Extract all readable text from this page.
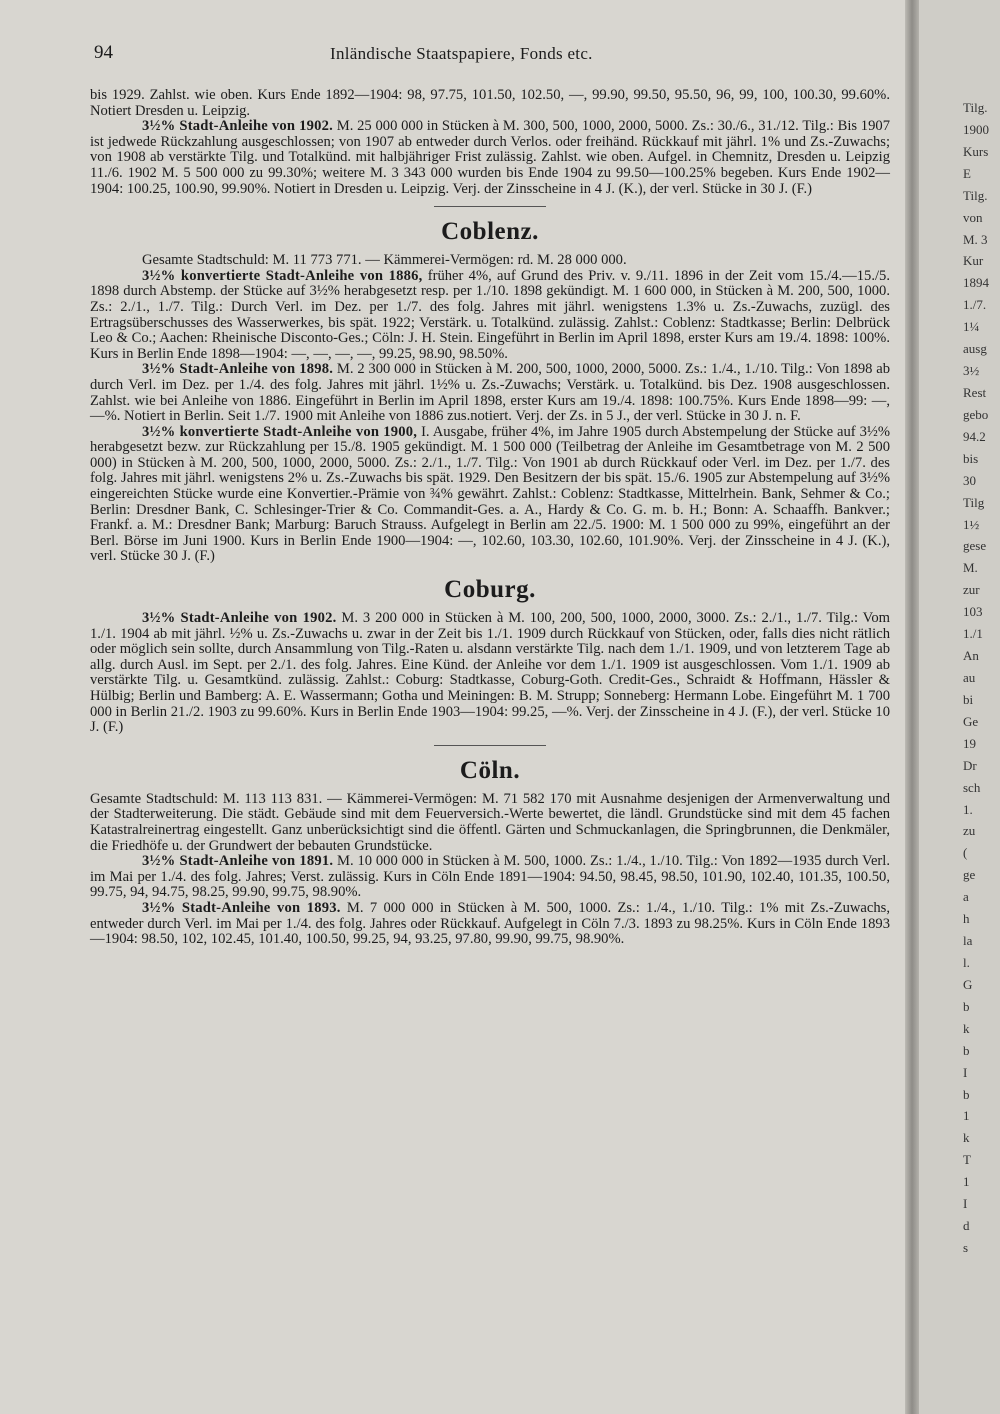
94	Inländische Staatspapiere, Fonds etc.

bis 1929. Zahlst. wie oben. Kurs Ende 1892—1904: 98, 97.75, 101.50, 102.50, —, 99.90, 99.50, 95.50, 96, 99, 100, 100.30, 99.60%. Notiert Dresden u. Leipzig.

3½% Stadt-Anleihe von 1902. M. 25 000 000 in Stücken à M. 300, 500, 1000, 2000, 5000. Zs.: 30./6., 31./12. Tilg.: Bis 1907 ist jedwede Rückzahlung ausgeschlossen; von 1907 ab entweder durch Verlos. oder freihänd. Rückkauf mit jährl. 1% und Zs.-Zuwachs; von 1908 ab verstärkte Tilg. und Totalkünd. mit halbjähriger Frist zulässig. Zahlst. wie oben. Aufgel. in Chemnitz, Dresden u. Leipzig 11./6. 1902 M. 5 500 000 zu 99.30%; weitere M. 3 343 000 wurden bis Ende 1904 zu 99.50—100.25% begeben. Kurs Ende 1902—1904: 100.25, 100.90, 99.90%. Notiert in Dresden u. Leipzig. Verj. der Zinsscheine in 4 J. (K.), der verl. Stücke in 30 J. (F.)

Coblenz.

Gesamte Stadtschuld: M. 11 773 771. — Kämmerei-Vermögen: rd. M. 28 000 000.

3½% konvertierte Stadt-Anleihe von 1886, früher 4%, auf Grund des Priv. v. 9./11. 1896 in der Zeit vom 15./4.—15./5. 1898 durch Abstemp. der Stücke auf 3½% herabgesetzt resp. per 1./10. 1898 gekündigt. M. 1 600 000, in Stücken à M. 200, 500, 1000. Zs.: 2./1., 1./7. Tilg.: Durch Verl. im Dez. per 1./7. des folg. Jahres mit jährl. wenigstens 1.3% u. Zs.-Zuwachs, zuzügl. des Ertragsüberschusses des Wasserwerkes, bis spät. 1922; Verstärk. u. Totalkünd. zulässig. Zahlst.: Coblenz: Stadtkasse; Berlin: Delbrück Leo & Co.; Aachen: Rheinische Disconto-Ges.; Cöln: J. H. Stein. Eingeführt in Berlin im April 1898, erster Kurs am 19./4. 1898: 100%. Kurs in Berlin Ende 1898—1904: —, —, —, —, 99.25, 98.90, 98.50%.

3½% Stadt-Anleihe von 1898. M. 2 300 000 in Stücken à M. 200, 500, 1000, 2000, 5000. Zs.: 1./4., 1./10. Tilg.: Von 1898 ab durch Verl. im Dez. per 1./4. des folg. Jahres mit jährl. 1½% u. Zs.-Zuwachs; Verstärk. u. Totalkünd. bis Dez. 1908 ausgeschlossen. Zahlst. wie bei Anleihe von 1886. Eingeführt in Berlin im April 1898, erster Kurs am 19./4. 1898: 100.75%. Kurs Ende 1898—99: —, —%. Notiert in Berlin. Seit 1./7. 1900 mit Anleihe von 1886 zus.notiert. Verj. der Zs. in 5 J., der verl. Stücke in 30 J. n. F.

3½% konvertierte Stadt-Anleihe von 1900, I. Ausgabe, früher 4%, im Jahre 1905 durch Abstempelung der Stücke auf 3½% herabgesetzt bezw. zur Rückzahlung per 15./8. 1905 gekündigt. M. 1 500 000 (Teilbetrag der Anleihe im Gesamtbetrage von M. 2 500 000) in Stücken à M. 200, 500, 1000, 2000, 5000. Zs.: 2./1., 1./7. Tilg.: Von 1901 ab durch Rückkauf oder Verl. im Dez. per 1./7. des folg. Jahres mit jährl. wenigstens 2% u. Zs.-Zuwachs bis spät. 1929. Den Besitzern der bis spät. 15./6. 1905 zur Abstempelung auf 3½% eingereichten Stücke wurde eine Konvertier.-Prämie von ¾% gewährt. Zahlst.: Coblenz: Stadtkasse, Mittelrhein. Bank, Sehmer & Co.; Berlin: Dresdner Bank, C. Schlesinger-Trier & Co. Commandit-Ges. a. A., Hardy & Co. G. m. b. H.; Bonn: A. Schaaffh. Bankver.; Frankf. a. M.: Dresdner Bank; Marburg: Baruch Strauss. Aufgelegt in Berlin am 22./5. 1900: M. 1 500 000 zu 99%, eingeführt an der Berl. Börse im Juni 1900. Kurs in Berlin Ende 1900—1904: —, 102.60, 103.30, 102.60, 101.90%. Verj. der Zinsscheine in 4 J. (K.), verl. Stücke 30 J. (F.)

Coburg.

3½% Stadt-Anleihe von 1902. M. 3 200 000 in Stücken à M. 100, 200, 500, 1000, 2000, 3000. Zs.: 2./1., 1./7. Tilg.: Vom 1./1. 1904 ab mit jährl. ½% u. Zs.-Zuwachs u. zwar in der Zeit bis 1./1. 1909 durch Rückkauf von Stücken, oder, falls dies nicht rätlich oder möglich sein sollte, durch Ansammlung von Tilg.-Raten u. alsdann verstärkte Tilg. nach dem 1./1. 1909, und von letzterem Tage ab allg. durch Ausl. im Sept. per 2./1. des folg. Jahres. Eine Künd. der Anleihe vor dem 1./1. 1909 ist ausgeschlossen. Vom 1./1. 1909 ab verstärkte Tilg. u. Gesamtkünd. zulässig. Zahlst.: Coburg: Stadtkasse, Coburg-Goth. Credit-Ges., Schraidt & Hoffmann, Hässler & Hülbig; Berlin und Bamberg: A. E. Wassermann; Gotha und Meiningen: B. M. Strupp; Sonneberg: Hermann Lobe. Eingeführt M. 1 700 000 in Berlin 21./2. 1903 zu 99.60%. Kurs in Berlin Ende 1903—1904: 99.25, —%. Verj. der Zinsscheine in 4 J. (F.), der verl. Stücke 10 J. (F.)

Cöln.

Gesamte Stadtschuld: M. 113 113 831. — Kämmerei-Vermögen: M. 71 582 170 mit Ausnahme desjenigen der Armenverwaltung und der Stadterweiterung. Die städt. Gebäude sind mit dem Feuerversich.-Werte bewertet, die ländl. Grundstücke sind mit dem 45 fachen Katastralreinertrag eingestellt. Ganz unberücksichtigt sind die öffentl. Gärten und Schmuckanlagen, die Springbrunnen, die Denkmäler, die Friedhöfe u. der Grundwert der bebauten Grundstücke.

3½% Stadt-Anleihe von 1891. M. 10 000 000 in Stücken à M. 500, 1000. Zs.: 1./4., 1./10. Tilg.: Von 1892—1935 durch Verl. im Mai per 1./4. des folg. Jahres; Verst. zulässig. Kurs in Cöln Ende 1891—1904: 94.50, 98.45, 98.50, 101.90, 102.40, 101.35, 100.50, 99.75, 94, 94.75, 98.25, 99.90, 99.75, 98.90%.

3½% Stadt-Anleihe von 1893. M. 7 000 000 in Stücken à M. 500, 1000. Zs.: 1./4., 1./10. Tilg.: 1% mit Zs.-Zuwachs, entweder durch Verl. im Mai per 1./4. des folg. Jahres oder Rückkauf. Aufgelegt in Cöln 7./3. 1893 zu 98.25%. Kurs in Cöln Ende 1893—1904: 98.50, 102, 102.45, 101.40, 100.50, 99.25, 94, 93.25, 97.80, 99.90, 99.75, 98.90%.

Tilg.
1900
Kurs
E
Tilg.
von
M. 3
Kur
1894
1./7.
1¼
ausg
3½
Rest
gebo
94.2
bis
30
Tilg
1½
gese
M.
zur
103
1./1
An
au
bi
Ge
19
Dr
sch
1.
zu
(
ge
a
h
la
l.
G
b
k
b
I
b
1
k
T
1
I
d
s
